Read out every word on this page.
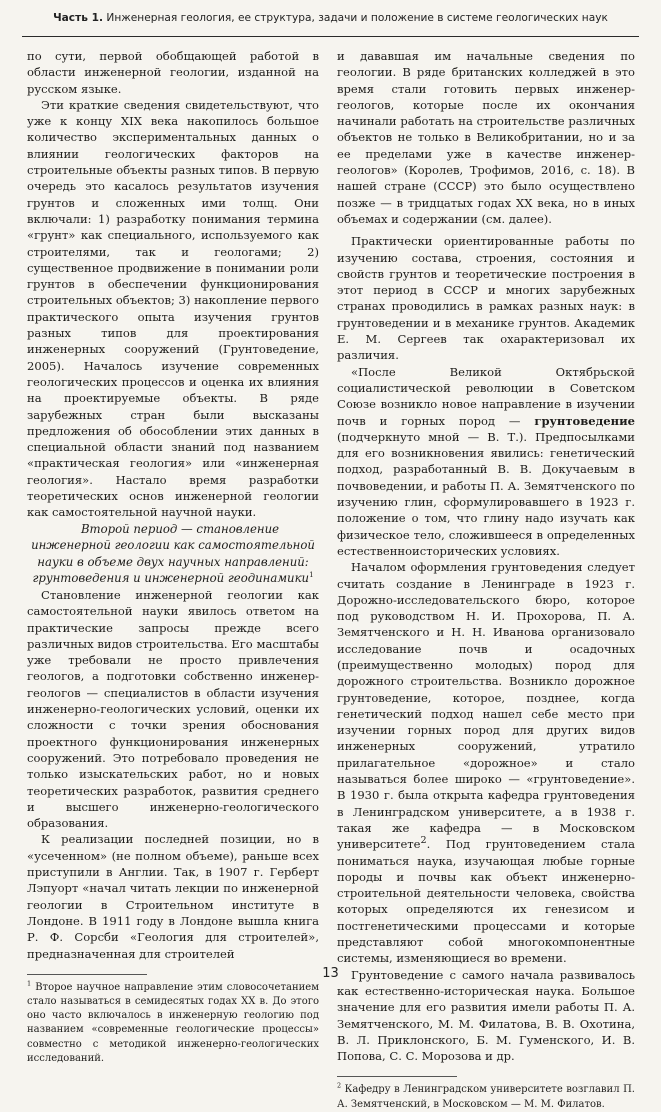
Часть 1. Инженерная геология, ее структура, задачи и положение в системе геологических наук

по сути, первой обобщающей работой в области инженерной геологии, изданной на русском языке.

Эти краткие сведения свидетельствуют, что уже к концу XIX века накопилось большое количество экспериментальных данных о влиянии геологических факторов на строительные объекты разных типов. В первую очередь это касалось результатов изучения грунтов и сложенных ими толщ. Они включали: 1) разработку понимания термина «грунт» как специального, используемого как строителями, так и геологами; 2) существенное продвижение в понимании роли грунтов в обеспечении функционирования строительных объектов; 3) накопление первого практического опыта изучения грунтов разных типов для проектирования инженерных сооружений (Грунтоведение, 2005). Началось изучение современных геологических процессов и оценка их влияния на проектируемые объекты. В ряде зарубежных стран были высказаны предложения об обособлении этих данных в специальной области знаний под названием «практическая геология» или «инженерная геология». Настало время разработки теоретических основ инженерной геологии как самостоятельной научной науки.

Второй период — становление инженерной геологии как самостоятельной науки в объеме двух научных направлений: грунтоведения и инженерной геодинамики$^1$

Становление инженерной геологии как самостоятельной науки явилось ответом на практические запросы прежде всего различных видов строительства. Его масштабы уже требовали не просто привлечения геологов, а подготовки собственно инженер-геологов — специалистов в области изучения инженерно-геологических условий, оценки их сложности с точки зрения обоснования проектного функционирования инженерных сооружений. Это потребовало проведения не только изыскательских работ, но и новых теоретических разработок, развития среднего и высшего инженерно-геологического образования.

К реализации последней позиции, но в «усеченном» (не полном объеме), раньше всех приступили в Англии. Так, в 1907 г. Герберт Лэпуорт «начал читать лекции по инженерной геологии в Строительном институте в Лондоне. В 1911 году в Лондоне вышла книга Р. Ф. Сорсби «Геология для строителей», предназначенная для строителей

$^1$ Второе научное направление этим словосочетанием стало называться в семидесятых годах XX в. До этого оно часто включалось в инженерную геологию под названием «современные геологические процессы» совместно с методикой инженерно-геологических исследований.

и дававшая им начальные сведения по геологии. В ряде британских колледжей в это время стали готовить первых инженер-геологов, которые после их окончания начинали работать на строительстве различных объектов не только в Великобритании, но и за ее пределами уже в качестве инженер-геологов» (Королев, Трофимов, 2016, с. 18). В нашей стране (СССР) это было осуществлено позже — в тридцатых годах XX века, но в иных объемах и содержании (см. далее).

Практически ориентированные работы по изучению состава, строения, состояния и свойств грунтов и теоретические построения в этот период в СССР и многих зарубежных странах проводились в рамках разных наук: в грунтоведении и в механике грунтов. Академик Е. М. Сергеев так охарактеризовал их различия.

«После Великой Октябрьской социалистической революции в Советском Союзе возникло новое направление в изучении почв и горных пород — грунтоведение (подчеркнуто мной — В. Т.). Предпосылками для его возникновения явились: генетический подход, разработанный В. В. Докучаевым в почвоведении, и работы П. А. Земятченского по изучению глин, сформулировавшего в 1923 г. положение о том, что глину надо изучать как физическое тело, сложившееся в определенных естественноисторических условиях.

Началом оформления грунтоведения следует считать создание в Ленинграде в 1923 г. Дорожно-исследовательского бюро, которое под руководством Н. И. Прохорова, П. А. Земятченского и Н. Н. Иванова организовало исследование почв и осадочных (преимущественно молодых) пород для дорожного строительства. Возникло дорожное грунтоведение, которое, позднее, когда генетический подход нашел себе место при изучении горных пород для других видов инженерных сооружений, утратило прилагательное «дорожное» и стало называться более широко — «грунтоведение». В 1930 г. была открыта кафедра грунтоведения в Ленинградском университете, а в 1938 г. такая же кафедра — в Московском университете$^2$. Под грунтоведением стала пониматься наука, изучающая любые горные породы и почвы как объект инженерно-строительной деятельности человека, свойства которых определяются их генезисом и постгенетическими процессами и которые представляют собой многокомпонентные системы, изменяющиеся во времени.

Грунтоведение с самого начала развивалось как естественно-историческая наука. Большое значение для его развития имели работы П. А. Земятченского, М. М. Филатова, В. В. Охотина, В. Л. Приклонского, Б. М. Гуменского, И. В. Попова, С. С. Морозова и др.

$^2$ Кафедру в Ленинградском университете возглавил П. А. Земятченский, в Московском — М. М. Филатов.
13
